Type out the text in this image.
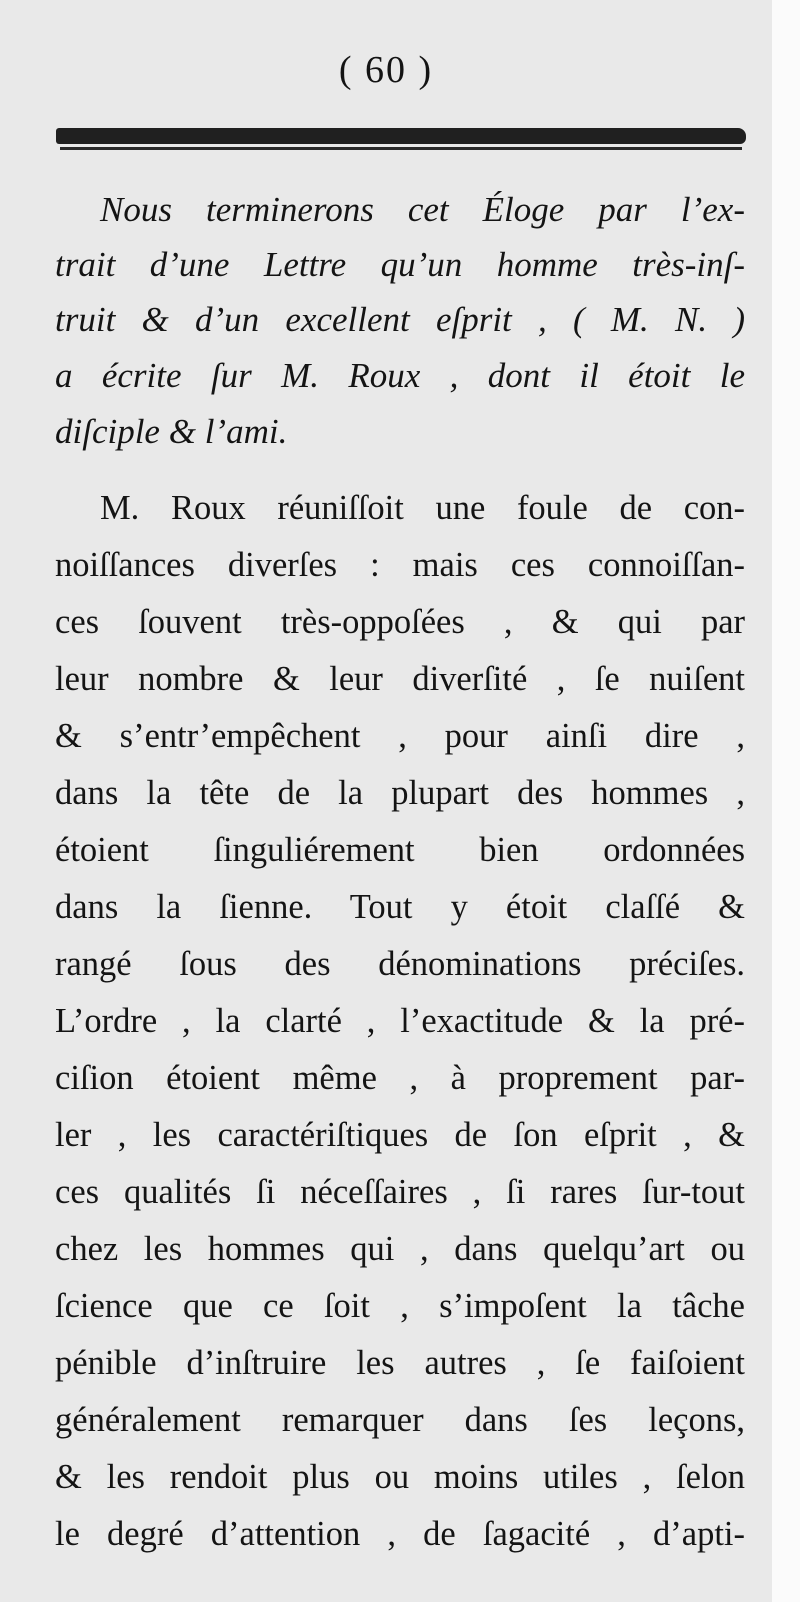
( 60 )
Nous terminerons cet Éloge par l’ex-
trait d’une Lettre qu’un homme très-inſ-
truit & d’un excellent eſprit , ( M. N. )
a écrite ſur M. Roux , dont il étoit le
diſciple & l’ami.
M. Roux réuniſſoit une foule de con-
noiſſances diverſes : mais ces connoiſſan-
ces ſouvent très-oppoſées , & qui par
leur nombre & leur diverſité , ſe nuiſent
& s’entr’empêchent , pour ainſi dire ,
dans la tête de la plupart des hommes ,
étoient ſinguliérement bien ordonnées
dans la ſienne. Tout y étoit claſſé &
rangé ſous des dénominations préciſes.
L’ordre , la clarté , l’exactitude & la pré-
ciſion étoient même , à proprement par-
ler , les caractériſtiques de ſon eſprit , &
ces qualités ſi néceſſaires , ſi rares ſur-tout
chez les hommes qui , dans quelqu’art ou
ſcience que ce ſoit , s’impoſent la tâche
pénible d’inſtruire les autres , ſe faiſoient
généralement remarquer dans ſes leçons,
& les rendoit plus ou moins utiles , ſelon
le degré d’attention , de ſagacité , d’apti-
